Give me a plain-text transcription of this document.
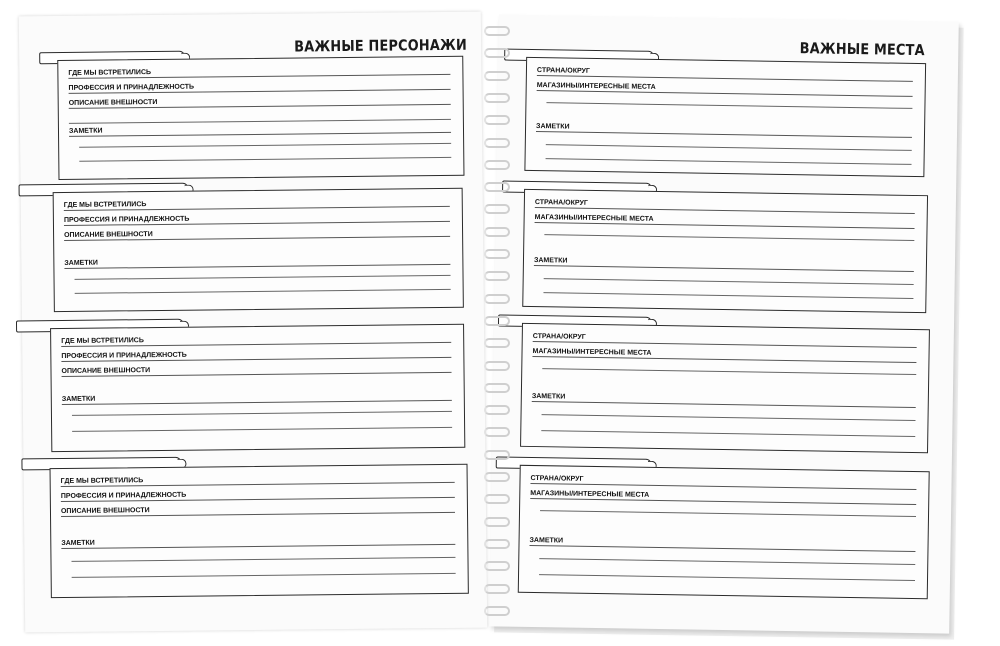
ВАЖНЫЕ ПЕРСОНАЖИ
ГДЕ МЫ ВСТРЕТИЛИСЬ
ПРОФЕССИЯ И ПРИНАДЛЕЖНОСТЬ
ОПИСАНИЕ ВНЕШНОСТИ
ЗАМЕТКИ
ГДЕ МЫ ВСТРЕТИЛИСЬ
ПРОФЕССИЯ И ПРИНАДЛЕЖНОСТЬ
ОПИСАНИЕ ВНЕШНОСТИ
ЗАМЕТКИ
ГДЕ МЫ ВСТРЕТИЛИСЬ
ПРОФЕССИЯ И ПРИНАДЛЕЖНОСТЬ
ОПИСАНИЕ ВНЕШНОСТИ
ЗАМЕТКИ
ГДЕ МЫ ВСТРЕТИЛИСЬ
ПРОФЕССИЯ И ПРИНАДЛЕЖНОСТЬ
ОПИСАНИЕ ВНЕШНОСТИ
ЗАМЕТКИ
ВАЖНЫЕ МЕСТА
СТРАНА/ОКРУГ
МАГАЗИНЫ/ИНТЕРЕСНЫЕ МЕСТА
ЗАМЕТКИ
СТРАНА/ОКРУГ
МАГАЗИНЫ/ИНТЕРЕСНЫЕ МЕСТА
ЗАМЕТКИ
СТРАНА/ОКРУГ
МАГАЗИНЫ/ИНТЕРЕСНЫЕ МЕСТА
ЗАМЕТКИ
СТРАНА/ОКРУГ
МАГАЗИНЫ/ИНТЕРЕСНЫЕ МЕСТА
ЗАМЕТКИ
